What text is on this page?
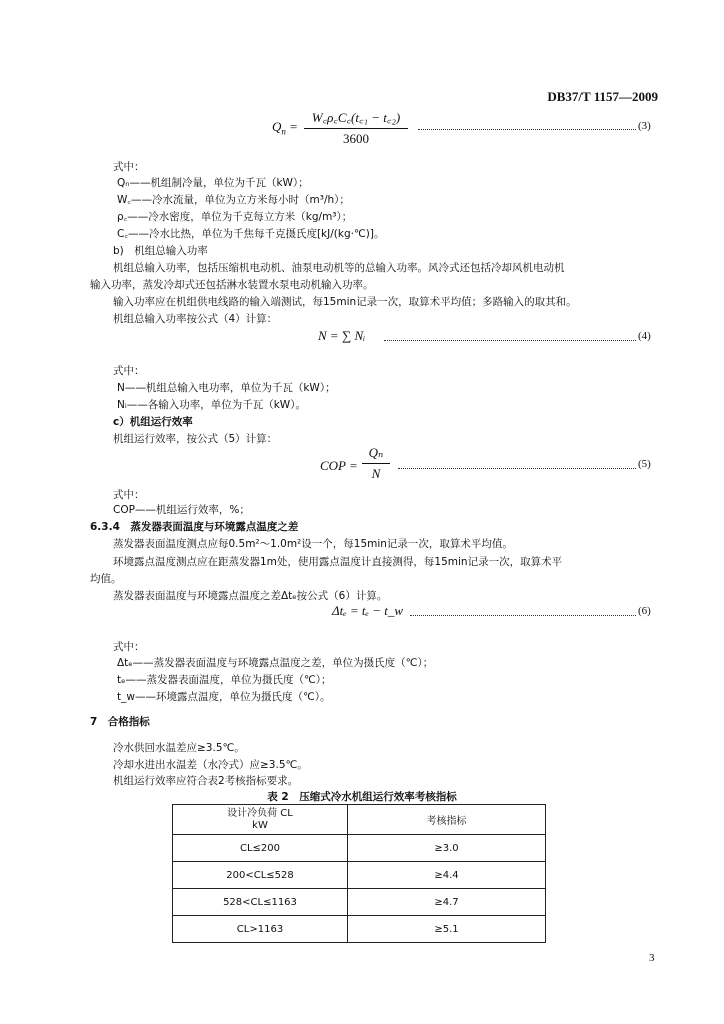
DB37/T 1157—2009
$Q_n = \frac{\text{W꜀ρ꜀C꜀(t꜀₁ − t꜀₂)}}{3600}$	(3)
式中：
Qₙ——机组制冷量，单位为千瓦（kW）；
W꜀——冷水流量，单位为立方米每小时（m³/h）；
ρ꜀——冷水密度，单位为千克每立方米（kg/m³）；
C꜀——冷水比热，单位为千焦每千克摄氏度[kJ/(kg·℃)]。
b)　机组总输入功率
机组总输入功率，包括压缩机电动机、油泵电动机等的总输入功率。风冷式还包括冷却风机电动机
输入功率，蒸发冷却式还包括淋水装置水泵电动机输入功率。
输入功率应在机组供电线路的输入端测试，每15min记录一次，取算术平均值；多路输入的取其和。
机组总输入功率按公式（4）计算：
N = ∑ Nᵢ	(4)
式中：
N——机组总输入电功率，单位为千瓦（kW）；
Nᵢ——各输入功率，单位为千瓦（kW）。
c）机组运行效率
机组运行效率，按公式（5）计算：
COP = $\frac{\text{Qₙ}}{N}$	(5)
式中：
COP——机组运行效率，%；
6.3.4　蒸发器表面温度与环境露点温度之差
蒸发器表面温度测点应每0.5m²～1.0m²设一个，每15min记录一次，取算术平均值。
环境露点温度测点应在距蒸发器1m处，使用露点温度计直接测得，每15min记录一次，取算术平
均值。
蒸发器表面温度与环境露点温度之差Δtₑ按公式（6）计算。
Δtₑ = tₑ − t_w	(6)
式中：
Δtₑ——蒸发器表面温度与环境露点温度之差，单位为摄氏度（℃）；
tₑ——蒸发器表面温度，单位为摄氏度（℃）；
t_w——环境露点温度，单位为摄氏度（℃）。
7　合格指标
冷水供回水温差应≥3.5℃。
冷却水进出水温差（水冷式）应≥3.5℃。
机组运行效率应符合表2考核指标要求。
表 2　压缩式冷水机组运行效率考核指标
设计冷负荷 CL
kW	考核指标
CL≤200	≥3.0
200<CL≤528	≥4.4
528<CL≤1163	≥4.7
CL>1163	≥5.1
3
